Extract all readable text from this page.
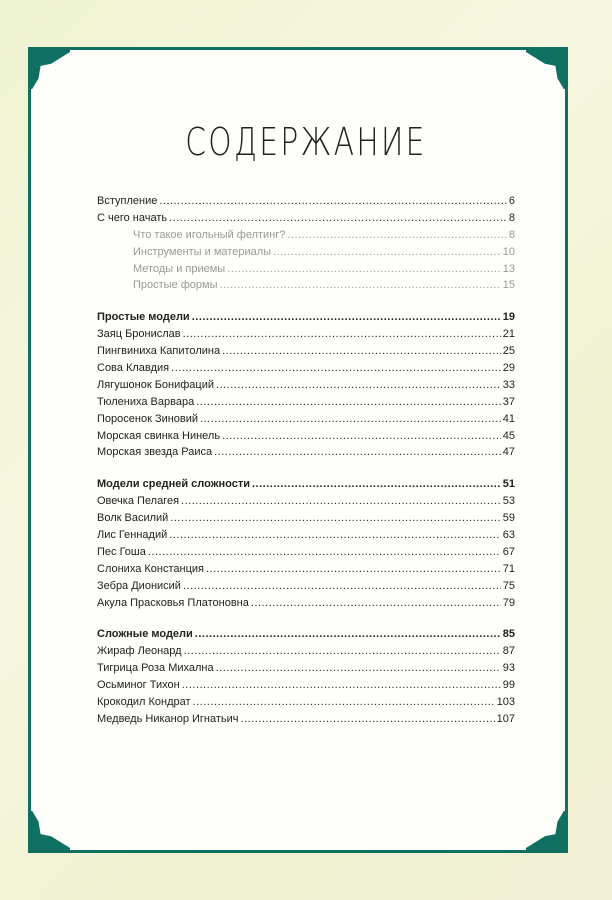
СОДЕРЖАНИЕ
Вступление .....	6
С чего начать .....	8
Что такое игольный фелтинг? .....	8
Инструменты и материалы .....	10
Методы и приемы .....	13
Простые формы .....	15
Простые модели .....	19
Заяц Бронислав .....	21
Пингвиниха Капитолина .....	25
Сова Клавдия .....	29
Лягушонок Бонифаций .....	33
Тюлениха Варвара .....	37
Поросенок Зиновий .....	41
Морская свинка Нинель .....	45
Морская звезда Раиса .....	47
Модели средней сложности .....	51
Овечка Пелагея .....	53
Волк Василий .....	59
Лис Геннадий .....	63
Пес Гоша .....	67
Слониха Констанция .....	71
Зебра Дионисий .....	75
Акула Прасковья Платоновна .....	79
Сложные модели .....	85
Жираф Леонард .....	87
Тигрица Роза Михална .....	93
Осьминог Тихон .....	99
Крокодил Кондрат .....	103
Медведь Никанор Игнатьич .....	107
